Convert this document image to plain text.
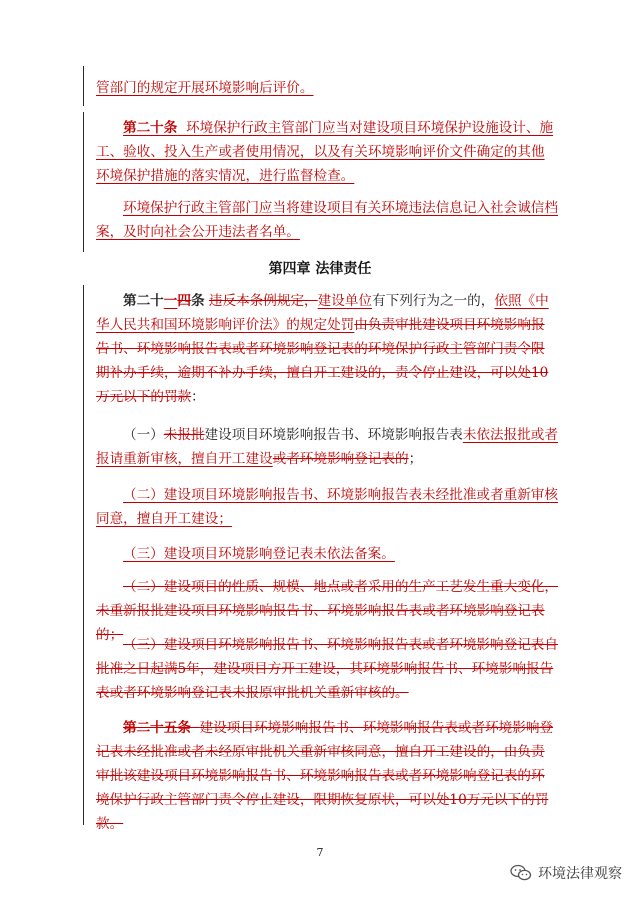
管部门的规定开展环境影响后评价。
第二十条 环境保护行政主管部门应当对建设项目环境保护设施设计、施工、验收、投入生产或者使用情况，以及有关环境影响评价文件确定的其他环境保护措施的落实情况，进行监督检查。
环境保护行政主管部门应当将建设项目有关环境违法信息记入社会诚信档案，及时向社会公开违法者名单。
第四章 法律责任
第二十一四条 违反本条例规定，建设单位有下列行为之一的，依照《中华人民共和国环境影响评价法》的规定处罚由负责审批建设项目环境影响报告书、环境影响报告表或者环境影响登记表的环境保护行政主管部门责令限期补办手续，逾期不补办手续，擅自开工建设的，责令停止建设，可以处10万元以下的罚款：
（一）未报批建设项目环境影响报告书、环境影响报告表未依法报批或者报请重新审核，擅自开工建设或者环境影响登记表的；
（二）建设项目环境影响报告书、环境影响报告表未经批准或者重新审核同意，擅自开工建设；
（三）建设项目环境影响登记表未依法备案。
（二）建设项目的性质、规模、地点或者采用的生产工艺发生重大变化，未重新报批建设项目环境影响报告书、环境影响报告表或者环境影响登记表的；
（三）建设项目环境影响报告书、环境影响报告表或者环境影响登记表自批准之日起满5年，建设项目方开工建设，其环境影响报告书、环境影响报告表或者环境影响登记表未报原审批机关重新审核的。
第二十五条 建设项目环境影响报告书、环境影响报告表或者环境影响登记表未经批准或者未经原审批机关重新审核同意，擅自开工建设的，由负责审批该建设项目环境影响报告书、环境影响报告表或者环境影响登记表的环境保护行政主管部门责令停止建设，限期恢复原状，可以处10万元以下的罚款。
7
环境法律观察
